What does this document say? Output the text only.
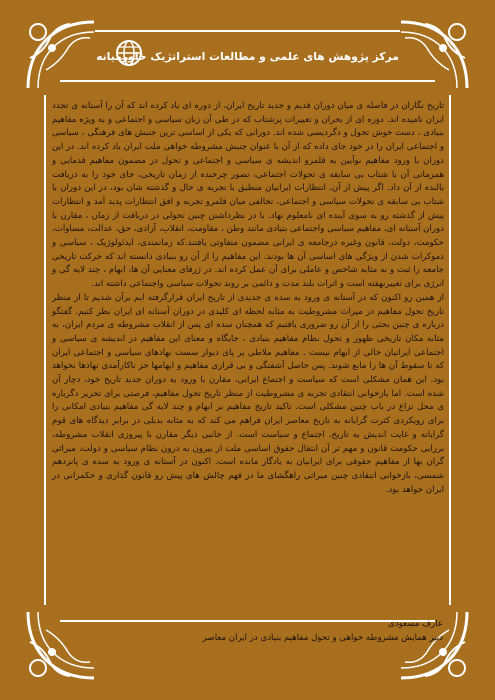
مرکز پژوهش های علمی و مطالعات استراتژیک خاورمیانه

تاریخ نگاران در فاصله ی میان دوران قدیم و جدید تاریخ ایران، از دوره ای یاد کرده اند که آن را آستانه ی تجدد ایران نامیده اند. دوره ای از بحران و تغییرات پرشتاب که در طی آن زبان سیاسی و اجتماعی و به ویژه مفاهیم بنیادی ، دست خوش تحول و دگردیسی شده اند. دورانی که یکی از اساسی ترین جنبش های فرهنگی ، سیاسی و اجتماعی ایران را در خود جای داده که از آن با عنوان جنبش مشروطه خواهی ملت ایران یاد کرده اند. در این دوران با ورود مفاهیم نوآیین به قلمرو اندیشه ی سیاسی و اجتماعی و تحول در مضمون مفاهیم قدمایی و همزمانی آن با شتاب بی سابقه ی تحولات اجتماعی، تصور چرخنده از زمان تاریخی، جای خود را به دریافت بالنده از آن داد. اگر پیش از آن، انتظارات ایرانیان منطبق با تجربه ی حال و گذشته شان بود، در این دوران با شتاب بی سابقه ی تحولات سیاسی و اجتماعی، تخالفی میان قلمرو تجربه و افق انتظارات پدید آمد و انتظارات پیش از گذشته رو به سوی آینده ای نامعلوم نهاد. با در نظرداشتن چنین تحولی در دریافت از زمان ، مقارن با دوران آستانه ای، مفاهیم سیاسی واجتماعی بنیادی مانند وطن ، مقاومت، انقلاب، آزادی، حق، عدالت، مساوات، حکومت، دولت، قانون وغیره درجامعه ی ایرانی مضمون متفاوتی یافتند.که زمانمندی، ایدئولوژیک ، سیاسی و دموکرات شدن از ویژگی های اساسی آن ها بودند. این مفاهیم را از آن رو بنیادی دانسته اند که حرکت تاریخی جامعه را ثبت و به مثابه شاخص و عاملی برای آن عمل کرده اند. در ژرفای معنایی آن ها، ابهام ، چند لایه گی و انرژی برای تغییرنهفته است و اثرات بلند مدت و دائمی بر روند تحولات سیاسی واجتماعی داشته اند.

از همین رو اکنون که در آستانه ی ورود به سده ی جدیدی از تاریخ ایران قرارگرفته ایم برآن شدیم تا از منظر تاریخ تحول مفاهیم در میراث مشروطیت به مثابه لحظه ای کلیدی در دوران آستانه ای ایران نظر کنیم. گفتگو درباره ی چنین بحثی را از آن رو ضروری یافتیم که همچنان سده ای پس از انقلاب مشروطه ی مردم ایران، به مثابه مکان تاریخی ظهور و تحول نظام مفاهیم بنیادی ، جایگاه و معنای این مفاهیم در اندیشه ی سیاسی و اجتماعی ایرانیان خالی از ابهام نیست . مفاهیم ملاطی پر پای دیوار سست نهادهای سیاسی و اجتماعی ایران که تا سقوط آن ها را مانع شوند. پس حاصل آشفتگی و بی قراری مفاهیم و ابهامها جز ناکارآمدی نهادها نخواهد بود. این همان مشکلی است که سیاست و اجتماع ایرانی، مقارن با ورود به دوران جدید تاریخ خود، دچار آن شده است. اما بازخوانی انتقادی تجربه ی مشروطیت از منظر تاریخ تحول مفاهیم، فرصتی برای تحریر دگرباره ی محل نزاع در باب چنین مشکلی است. تاکید تاریخ مفاهیم بر ابهام و چند لایه گی مفاهیم بنیادی امکانی را برای رویکردی کثرت گرایانه به تاریخ معاصر ایران فراهم می کند که به مثابه بدیلی در برابر دیدگاه های قوم گرایانه و غایت اندیش به تاریخ، اجتماع و سیاست است. از جانبی دیگر مقارن با پیروزی انقلاب مشروطه، بررایی حکومت قانون و مهم تر آن انتقال حقوق اساسی ملت از بیرون به درون نظام سیاسی و دولت، میراثی گران بها از مفاهیم حقوقی برای ایرانیان به یادگار مانده است. اکنون در آستانه ی ورود به سده ی پانزدهم شمسی، بازخوانی انتقادی چنین میراثی راهگشای ما در فهم چالش های پیش رو قانون گذاری و حکمرانی در ایران خواهد بود.

عارف مسعودی
دبیر همایش مشروطه خواهی و تحول مفاهیم بنیادی در ایران معاصر
